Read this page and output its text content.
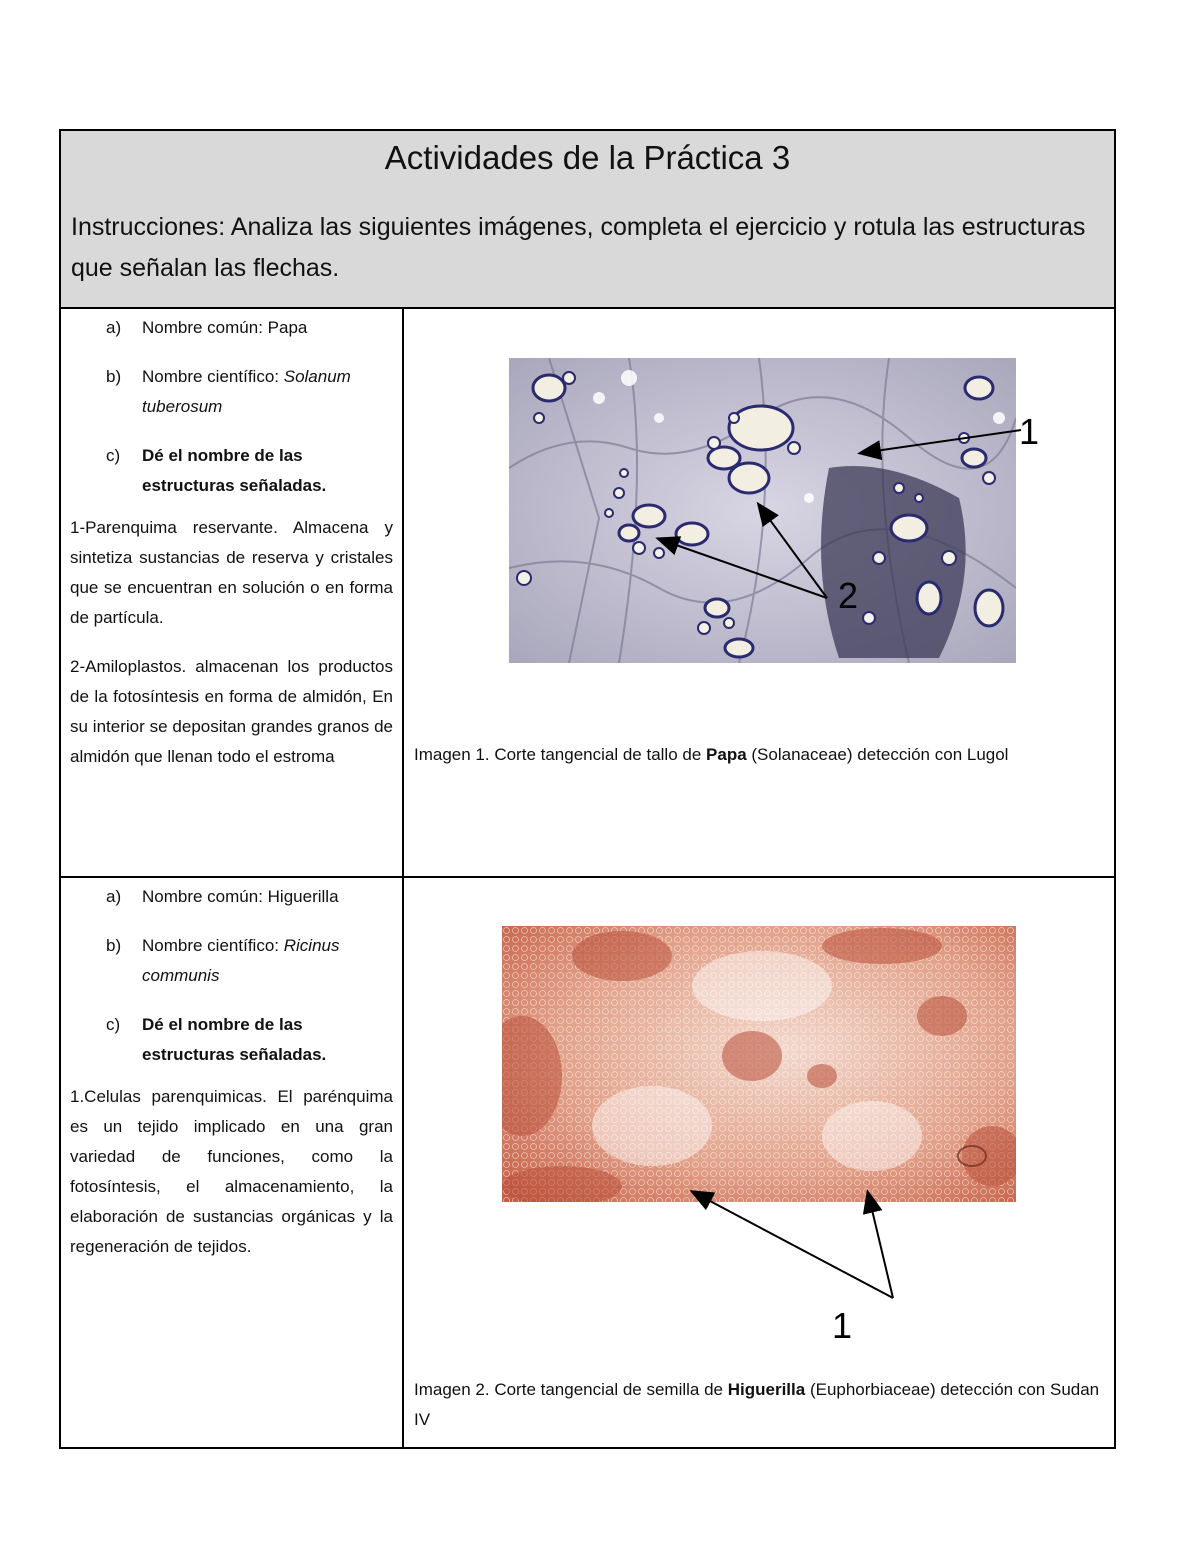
Actividades de la Práctica 3
Instrucciones: Analiza las siguientes imágenes, completa el ejercicio y rotula las estructuras que señalan las flechas.
a) Nombre común: Papa
b) Nombre científico: Solanum tuberosum
c) Dé el nombre de las estructuras señaladas.
1-Parenquima reservante. Almacena y sintetiza sustancias de reserva y cristales que se encuentran en solución o en forma de partícula.
2-Amiloplastos. almacenan los productos de la fotosíntesis en forma de almidón, En su interior se depositan grandes granos de almidón que llenan todo el estroma
1
2
Imagen 1. Corte tangencial de tallo de Papa (Solanaceae) detección con Lugol
a) Nombre común: Higuerilla
b) Nombre científico: Ricinus communis
c) Dé el nombre de las estructuras señaladas.
1.Celulas parenquimicas. El parénquima es un tejido implicado en una gran variedad de funciones, como la fotosíntesis, el almacenamiento, la elaboración de sustancias orgánicas y la regeneración de tejidos.
1
Imagen 2. Corte tangencial de semilla de Higuerilla (Euphorbiaceae) detección con Sudan IV
